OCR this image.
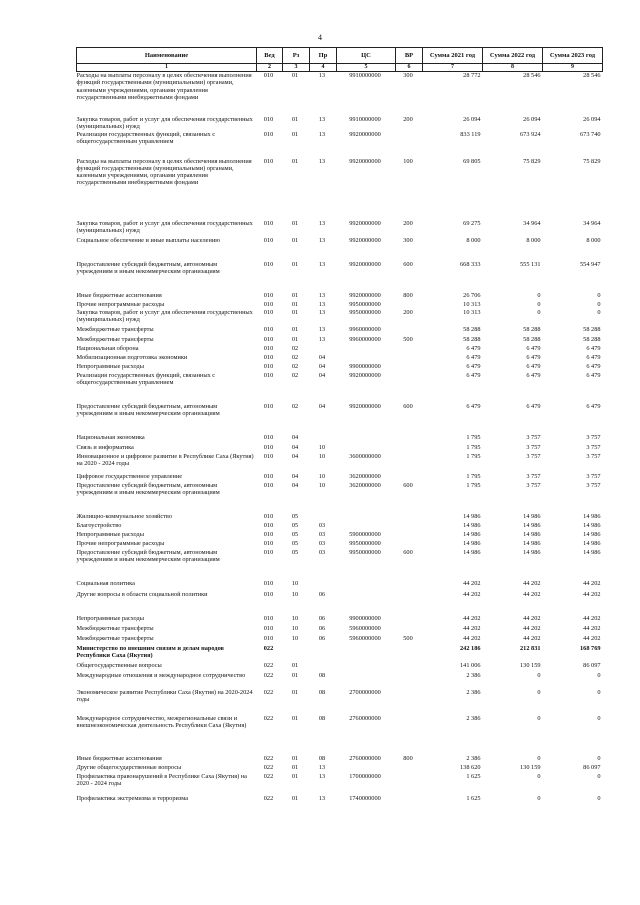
4
Наименование	Вед	Рз	Пр	ЦС	ВР	Сумма 2021 год	Сумма 2022 год	Сумма 2023 год
1	2	3	4	5	6	7	8	9
Расходы на выплаты персоналу в целях обеспечения выполнения функций государственными (муниципальными) органами, казенными учреждениями, органами управления государственными внебюджетными фондами	010	01	13	9910000000	300	28 772	28 546	28 546
Закупка товаров, работ и услуг для обеспечения государственных (муниципальных) нужд	010	01	13	9910000000	200	26 094	26 094	26 094
Реализация государственных функций, связанных с общегосударственным управлением	010	01	13	9920000000		833 119	673 924	673 740
Расходы на выплаты персоналу в целях обеспечения выполнения функций государственными (муниципальными) органами, казенными учреждениями, органами управления государственными внебюджетными фондами	010	01	13	9920000000	100	69 805	75 829	75 829
Закупка товаров, работ и услуг для обеспечения государственных (муниципальных) нужд	010	01	13	9920000000	200	69 275	34 964	34 964
Социальное обеспечение и иные выплаты населению	010	01	13	9920000000	300	8 000	8 000	8 000
Предоставление субсидий бюджетным, автономным учреждениям и иным некоммерческим организациям	010	01	13	9920000000	600	668 333	555 131	554 947
Иные бюджетные ассигнования	010	01	13	9920000000	800	26 706	0	0
Прочие непрограммные расходы	010	01	13	9950000000		10 313	0	0
Закупка товаров, работ и услуг для обеспечения государственных (муниципальных) нужд	010	01	13	9950000000	200	10 313	0	0
Межбюджетные трансферты	010	01	13	9960000000		58 288	58 288	58 288
Межбюджетные трансферты	010	01	13	9960000000	500	58 288	58 288	58 288
Национальная оборона	010	02				6 479	6 479	6 479
Мобилизационная подготовка экономики	010	02	04			6 479	6 479	6 479
Непрограммные расходы	010	02	04	9900000000		6 479	6 479	6 479
Реализация государственных функций, связанных с общегосударственным управлением	010	02	04	9920000000		6 479	6 479	6 479
Предоставление субсидий бюджетным, автономным учреждениям и иным некоммерческим организациям	010	02	04	9920000000	600	6 479	6 479	6 479
Национальная экономика	010	04				1 795	3 757	3 757
Связь и информатика	010	04	10			1 795	3 757	3 757
Инновационное и цифровое развитие в Республике Саха (Якутия) на 2020 - 2024 годы	010	04	10	3600000000		1 795	3 757	3 757
Цифровое государственное управление	010	04	10	3620000000		1 795	3 757	3 757
Предоставление субсидий бюджетным, автономным учреждениям и иным некоммерческим организациям	010	04	10	3620000000	600	1 795	3 757	3 757
Жилищно-коммунальное хозяйство	010	05				14 986	14 986	14 986
Благоустройство	010	05	03			14 986	14 986	14 986
Непрограммные расходы	010	05	03	5900000000		14 986	14 986	14 986
Прочие непрограммные расходы	010	05	03	9950000000		14 986	14 986	14 986
Предоставление субсидий бюджетным, автономным учреждениям и иным некоммерческим организациям	010	05	03	9950000000	600	14 986	14 986	14 986
Социальная политика	010	10				44 202	44 202	44 202
Другие вопросы в области социальной политики	010	10	06			44 202	44 202	44 202
Непрограммные расходы	010	10	06	9900000000		44 202	44 202	44 202
Межбюджетные трансферты	010	10	06	5960000000		44 202	44 202	44 202
Межбюджетные трансферты	010	10	06	5960000000	500	44 202	44 202	44 202
Министерство по внешним связям и делам народов Республики Саха (Якутия)	022					242 186	212 831	168 769
Общегосударственные вопросы	022	01				141 006	130 159	86 097
Международные отношения и международное сотрудничество	022	01	08			2 386	0	0
Экономическое развитие Республики Саха (Якутия) на 2020-2024 годы	022	01	08	2700000000		2 386	0	0
Международное сотрудничество, межрегиональные связи и внешнеэкономическая деятельность Республики Саха (Якутия)	022	01	08	2760000000		2 386	0	0
Иные бюджетные ассигнования	022	01	08	2760000000	800	2 386	0	0
Другие общегосударственные вопросы	022	01	13			138 620	130 159	86 097
Профилактика правонарушений в Республике Саха (Якутия) на 2020 - 2024 годы	022	01	13	1700000000		1 625	0	0
Профилактика экстремизма и терроризма	022	01	13	1740000000		1 625	0	0
